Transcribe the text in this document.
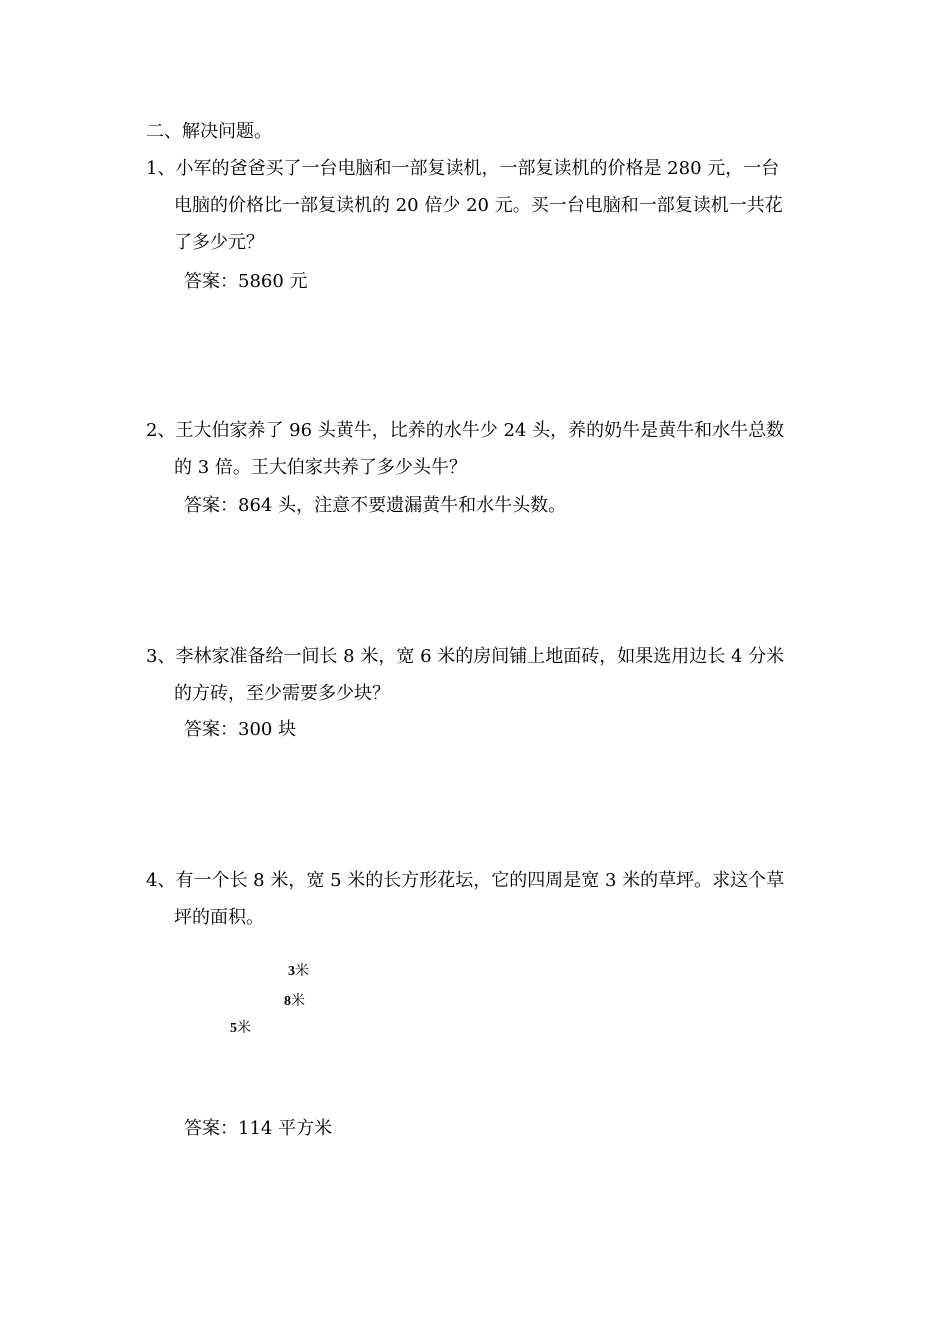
二、解决问题。
1、小军的爸爸买了一台电脑和一部复读机，一部复读机的价格是 280 元，一台
电脑的价格比一部复读机的 20 倍少 20 元。买一台电脑和一部复读机一共花
了多少元？
答案：5860 元
2、王大伯家养了 96 头黄牛，比养的水牛少 24 头，养的奶牛是黄牛和水牛总数
的 3 倍。王大伯家共养了多少头牛？
答案：864 头，注意不要遗漏黄牛和水牛头数。
3、李林家准备给一间长 8 米，宽 6 米的房间铺上地面砖，如果选用边长 4 分米
的方砖，至少需要多少块？
答案：300 块
4、有一个长 8 米，宽 5 米的长方形花坛，它的四周是宽 3 米的草坪。求这个草
坪的面积。
3米
8米
5米
答案：114 平方米
